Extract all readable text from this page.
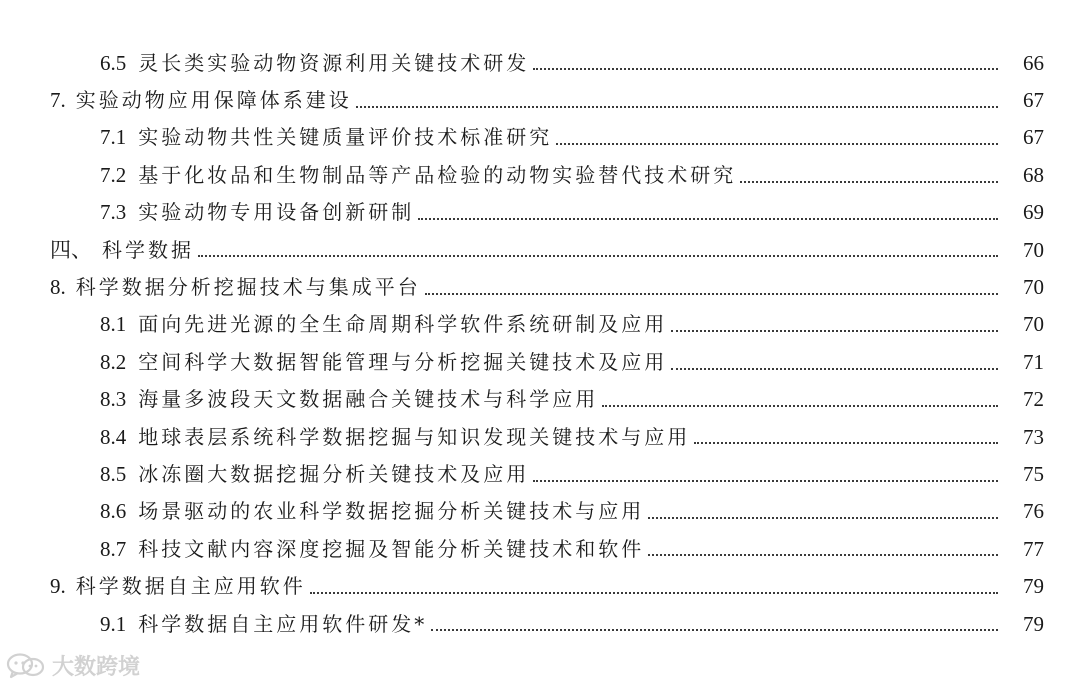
6.5 灵长类实验动物资源利用关键技术研发	66
7. 实验动物应用保障体系建设	67
7.1 实验动物共性关键质量评价技术标准研究	67
7.2 基于化妆品和生物制品等产品检验的动物实验替代技术研究	68
7.3 实验动物专用设备创新研制	69
四、 科学数据	70
8. 科学数据分析挖掘技术与集成平台	70
8.1 面向先进光源的全生命周期科学软件系统研制及应用	70
8.2 空间科学大数据智能管理与分析挖掘关键技术及应用	71
8.3 海量多波段天文数据融合关键技术与科学应用	72
8.4 地球表层系统科学数据挖掘与知识发现关键技术与应用	73
8.5 冰冻圈大数据挖掘分析关键技术及应用	75
8.6 场景驱动的农业科学数据挖掘分析关键技术与应用	76
8.7 科技文献内容深度挖掘及智能分析关键技术和软件	77
9. 科学数据自主应用软件	79
9.1 科学数据自主应用软件研发*	79
大数跨境
